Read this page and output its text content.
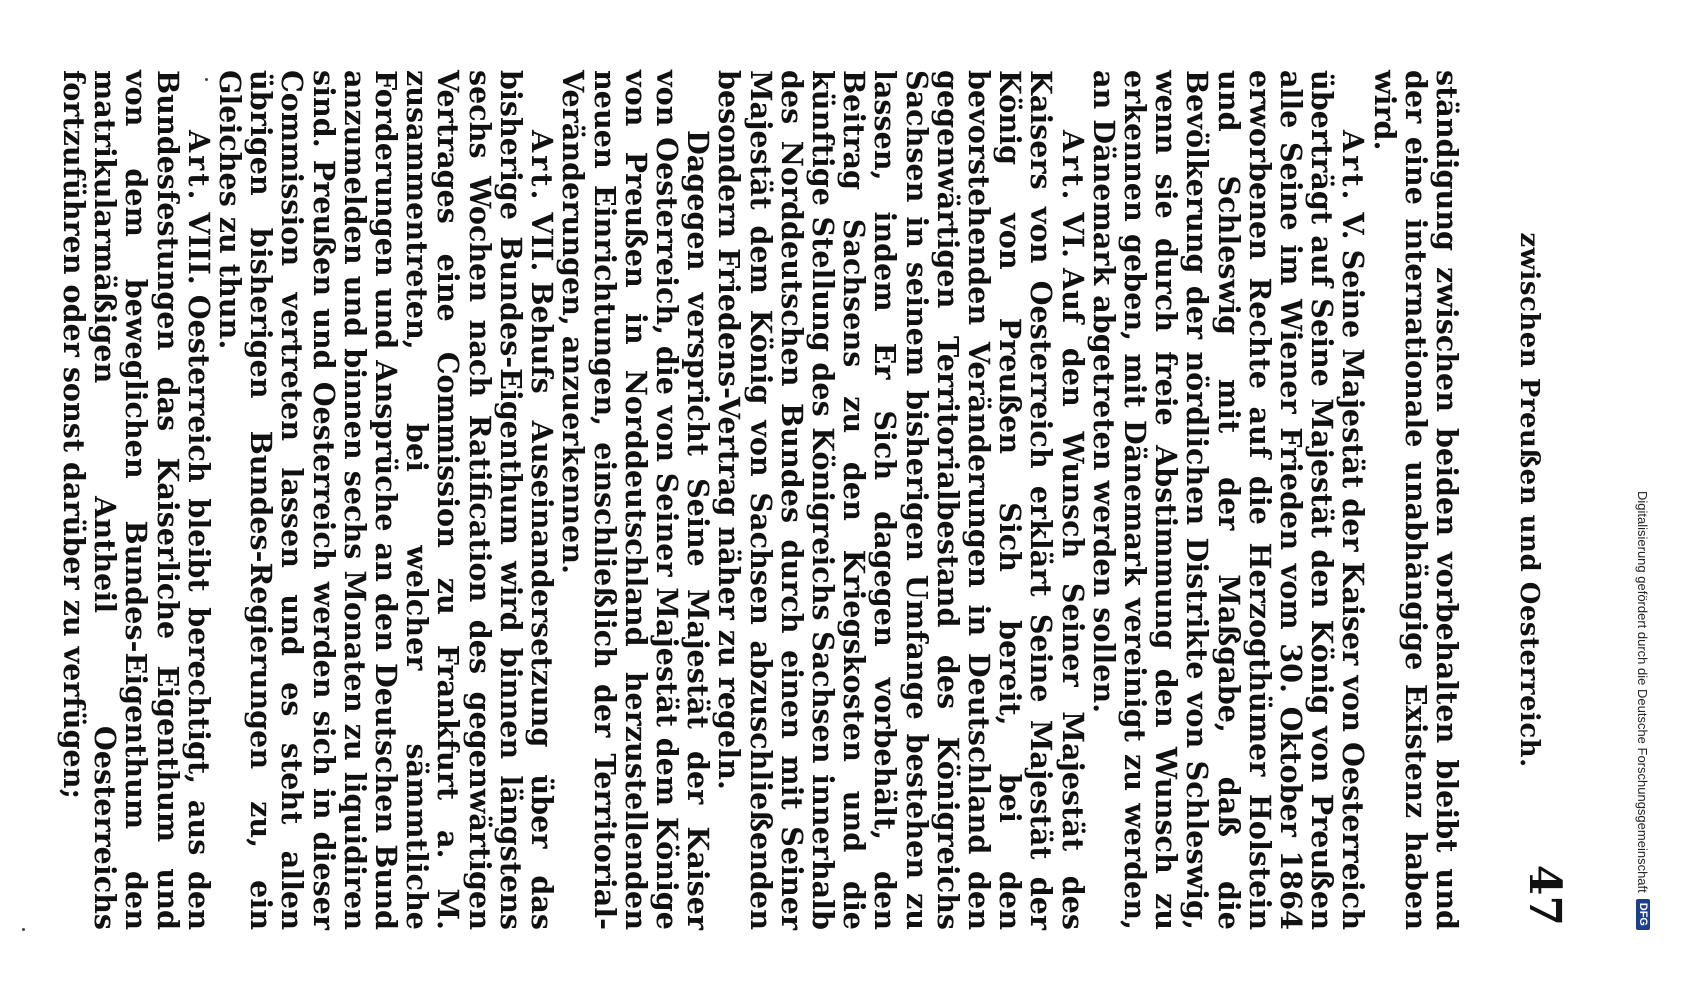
zwischen Preußen und Oesterreich.
47

ständigung zwischen beiden vorbehalten bleibt und der eine internationale unabhängige Existenz haben wird.

Art.V.Seine Majestät der Kaiser von Oesterreich überträgt auf Seine Majestät den König von Preußen alle Seine im Wiener Frieden vom 30. Oktober 1864 erworbenen Rechte auf die Herzogthümer Holstein und Schleswig mit der Maßgabe, daß die Bevölkerung der nördlichen Distrikte von Schleswig, wenn sie durch freie Abstimmung den Wunsch zu erkennen geben, mit Dänemark vereinigt zu werden, an Dänemark abgetreten werden sollen.

Art.VI.Auf den Wunsch Seiner Majestät des Kaisers von Oesterreich erklärt Seine Majestät der König von Preußen Sich bereit, bei den bevorstehenden Veränderungen in Deutschland den gegenwärtigen Territorialbestand des Königreichs Sachsen in seinem bisherigen Umfange bestehen zu lassen, indem Er Sich dagegen vorbehält, den Beitrag Sachsens zu den Kriegskosten und die künftige Stellung des Königreichs Sachsen innerhalb des Norddeutschen Bundes durch einen mit Seiner Majestät dem König von Sachsen abzuschließenden besondern Friedens-Vertrag näher zu regeln.

Dagegen verspricht Seine Majestät der Kaiser von Oesterreich, die von Seiner Majestät dem Könige von Preußen in Norddeutschland herzustellenden neuen Einrichtungen, einschließlich der Territorial-Veränderungen, anzuerkennen.

Art.VII.Behufs Auseinandersetzung über das bisherige Bundes-Eigenthum wird binnen längstens sechs Wochen nach Ratification des gegenwärtigen Vertrages eine Commission zu Frankfurt a. M. zusammentreten, bei welcher sämmtliche Forderungen und Ansprüche an den Deutschen Bund anzumelden und binnen sechs Monaten zu liquidiren sind. Preußen und Oesterreich werden sich in dieser Commission vertreten lassen und es steht allen übrigen bisherigen Bundes-Regierungen zu, ein Gleiches zu thun.

Art.VIII.Oesterreich bleibt berechtigt, aus den Bundesfestungen das Kaiserliche Eigenthum und von dem beweglichen Bundes-Eigenthum den matrikularmäßigen Antheil Oesterreichs fortzuführen oder sonst darüber zu verfügen;	Digitalisierung gefördert durch die Deutsche Forschungsgemeinschaft
DFG
